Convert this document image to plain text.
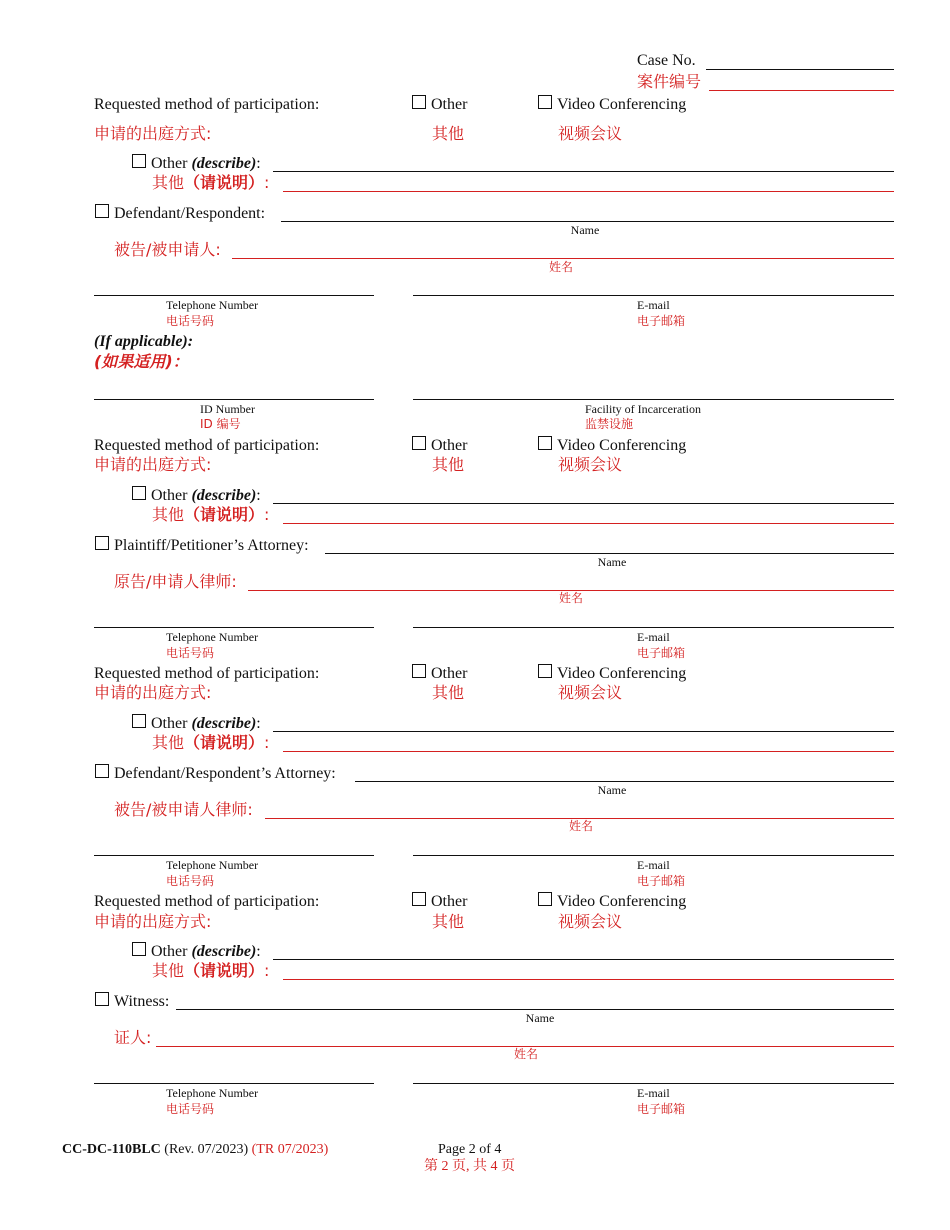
Case No.
案件编号
Requested method of participation:	Other	Video Conferencing
申请的出庭方式:	其他	视频会议
Other (describe):
其他（请说明）:
Defendant/Respondent:
Name
被告/被申请人:
姓名
Telephone Number
电话号码
E-mail
电子邮箱
(If applicable):
(如果适用)：
ID Number
ID 编号
Facility of Incarceration
监禁设施
Requested method of participation:	Other	Video Conferencing
申请的出庭方式:	其他	视频会议
Other (describe):
其他（请说明）:
Plaintiff/Petitioner’s Attorney:
Name
原告/申请人律师:
姓名
Telephone Number
电话号码
E-mail
电子邮箱
Requested method of participation:	Other	Video Conferencing
申请的出庭方式:	其他	视频会议
Other (describe):
其他（请说明）:
Defendant/Respondent’s Attorney:
Name
被告/被申请人律师:
姓名
Telephone Number
电话号码
E-mail
电子邮箱
Requested method of participation:	Other	Video Conferencing
申请的出庭方式:	其他	视频会议
Other (describe):
其他（请说明）:
Witness:
Name
证人:
姓名
Telephone Number
电话号码
E-mail
电子邮箱
CC-DC-110BLC (Rev. 07/2023) (TR 07/2023)	Page 2 of 4
第 2 页, 共 4 页
